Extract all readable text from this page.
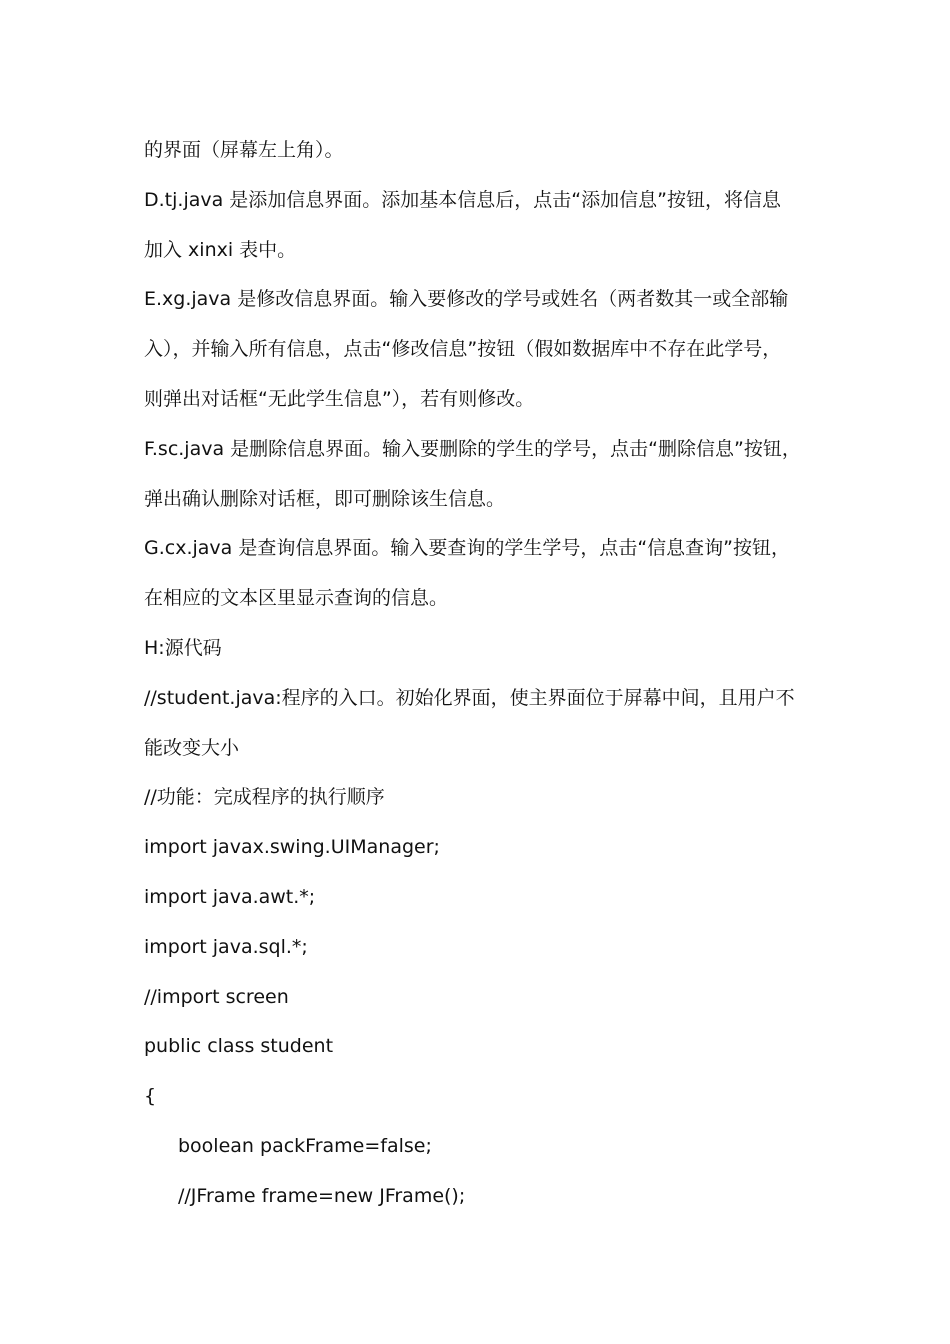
的界面（屏幕左上角）。
D.tj.java 是添加信息界面。添加基本信息后，点击“添加信息”按钮，将信息
加入 xinxi 表中。
E.xg.java 是修改信息界面。输入要修改的学号或姓名（两者数其一或全部输
入），并输入所有信息，点击“修改信息”按钮（假如数据库中不存在此学号，
则弹出对话框“无此学生信息”），若有则修改。
F.sc.java 是删除信息界面。输入要删除的学生的学号，点击“删除信息”按钮，
弹出确认删除对话框，即可删除该生信息。
G.cx.java 是查询信息界面。输入要查询的学生学号，点击“信息查询”按钮，
在相应的文本区里显示查询的信息。
H:源代码
//student.java:程序的入口。初始化界面，使主界面位于屏幕中间，且用户不
能改变大小
//功能：完成程序的执行顺序
import javax.swing.UIManager;
import java.awt.*;
import java.sql.*;
//import screen
public class student
{
boolean packFrame=false;
//JFrame frame=new JFrame();
